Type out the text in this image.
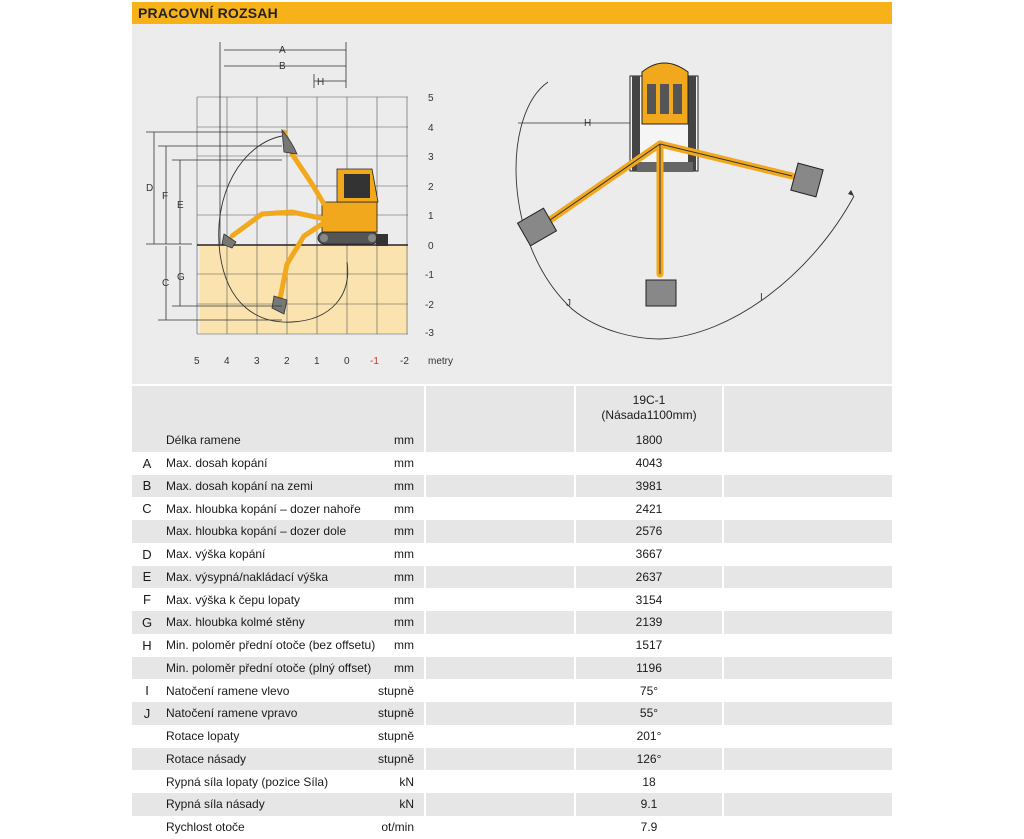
PRACOVNÍ ROZSAH
A
B
H
D
F
E
C
G
5
4
3
2
1
0
-1
-2
-3
5 4 3 2 1 0 -1 -2 metry
H
J
I
19C-1
(Násada1100mm)
Délka ramene	mm	1800
A	Max. dosah kopání	mm	4043
B	Max. dosah kopání na zemi	mm	3981
C	Max. hloubka kopání – dozer nahoře	mm	2421
Max. hloubka kopání – dozer dole	mm	2576
D	Max. výška kopání	mm	3667
E	Max. výsypná/nakládací výška	mm	2637
F	Max. výška k čepu lopaty	mm	3154
G	Max. hloubka kolmé stěny	mm	2139
H	Min. poloměr přední otoče (bez offsetu)	mm	1517
Min. poloměr přední otoče (plný offset)	mm	1196
I	Natočení ramene vlevo	stupně	75°
J	Natočení ramene vpravo	stupně	55°
Rotace lopaty	stupně	201°
Rotace násady	stupně	126°
Rypná síla lopaty (pozice Síla)	kN	18
Rypná síla násady	kN	9.1
Rychlost otoče	ot/min	7.9
